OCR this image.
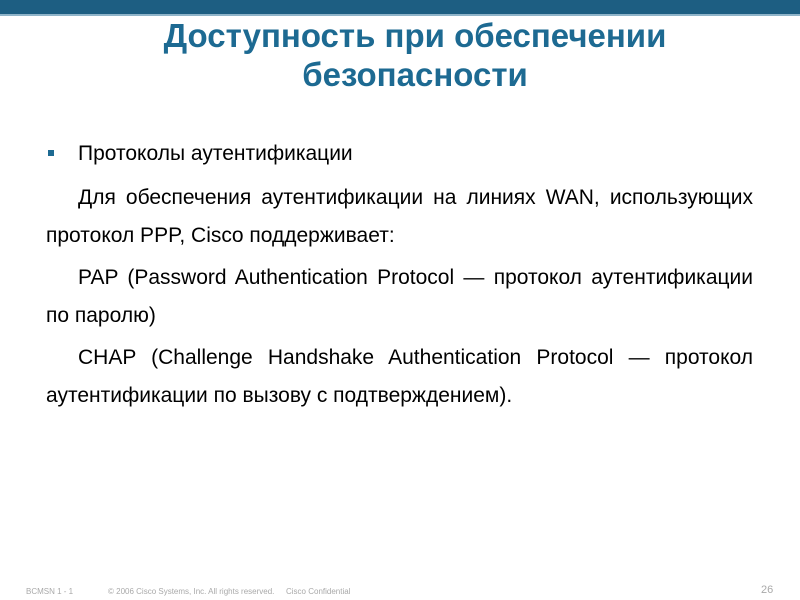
Доступность при обеспечении безопасности
Протоколы аутентификации

Для обеспечения аутентификации на линиях WAN, использующих протокол PPP, Cisco поддерживает:

PAP (Password Authentication Protocol — протокол аутентификации по паролю)

CHAP (Challenge Handshake Authentication Protocol — протокол аутентификации по вызову с подтверждением).

BCMSN 1 - 1	© 2006 Cisco Systems, Inc. All rights reserved. Cisco Confidential	26
